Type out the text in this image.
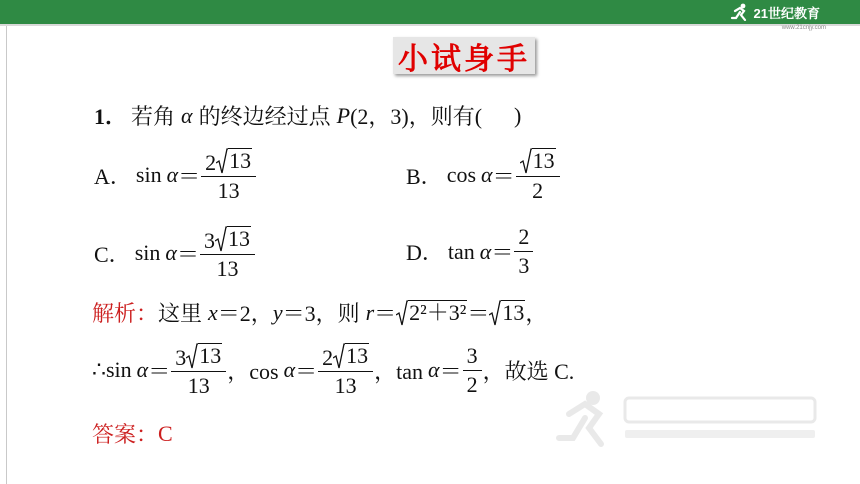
21世纪教育
www.21cnjy.com
小试身手
1． 若角 α 的终边经过点 P (2，3)，则有( )
A． $\sin \alpha = \frac{2 13}{13}$	B． $\cos \alpha = \frac{13}{2}$
C． $\sin \alpha = \frac{3 13}{13}$	D． $\tan \alpha = \frac{2}{3}$
解析： 这里 x ＝2， y ＝3，则 r ＝ 2²＋3² ＝ 13 ，
∴sin $\alpha = \frac{3 13}{13}$ ，$\cos \alpha = \frac{2 13}{13}$ ，$\tan \alpha = \frac{3}{2}$ ，故选 C.
答案： C
